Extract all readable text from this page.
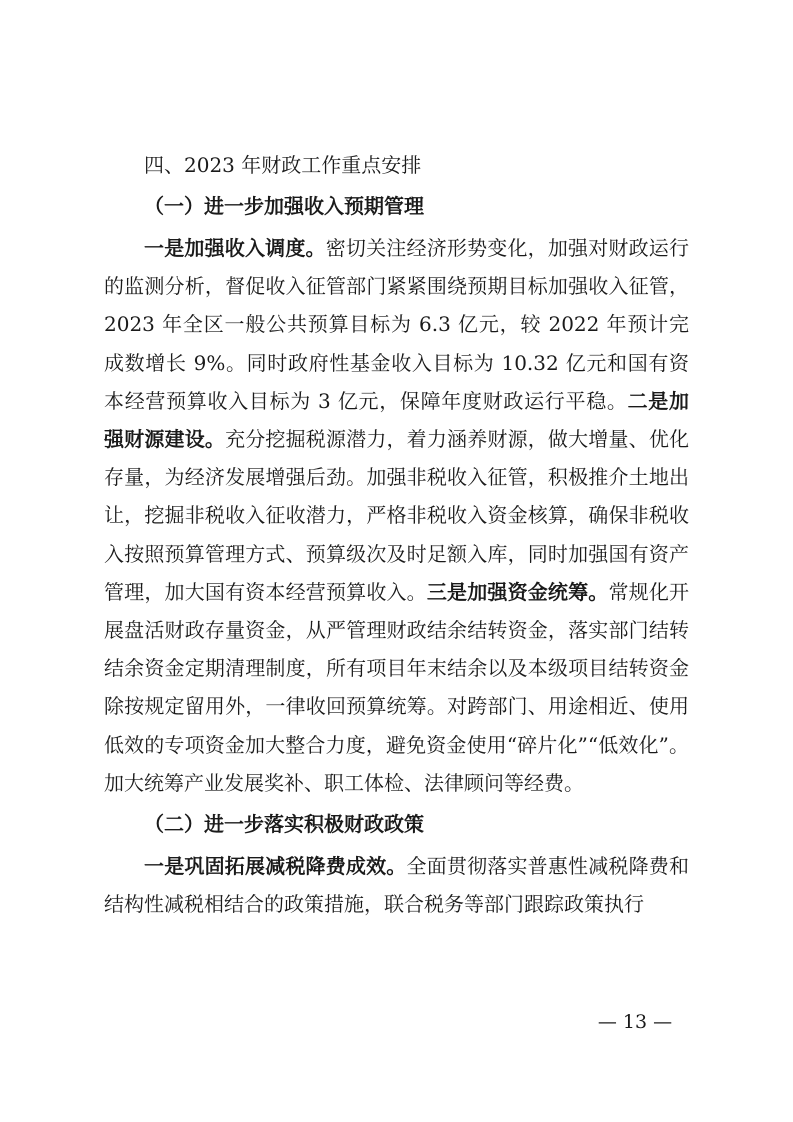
四、2023 年财政工作重点安排

（一）进一步加强收入预期管理

一是加强收入调度。密切关注经济形势变化，加强对财政运行的监测分析，督促收入征管部门紧紧围绕预期目标加强收入征管，2023 年全区一般公共预算目标为 6.3 亿元，较 2022 年预计完成数增长 9%。同时政府性基金收入目标为 10.32 亿元和国有资本经营预算收入目标为 3 亿元，保障年度财政运行平稳。二是加强财源建设。充分挖掘税源潜力，着力涵养财源，做大增量、优化存量，为经济发展增强后劲。加强非税收入征管，积极推介土地出让，挖掘非税收入征收潜力，严格非税收入资金核算，确保非税收入按照预算管理方式、预算级次及时足额入库，同时加强国有资产管理，加大国有资本经营预算收入。三是加强资金统筹。常规化开展盘活财政存量资金，从严管理财政结余结转资金，落实部门结转结余资金定期清理制度，所有项目年末结余以及本级项目结转资金除按规定留用外，一律收回预算统筹。对跨部门、用途相近、使用低效的专项资金加大整合力度，避免资金使用“碎片化”“低效化”。加大统筹产业发展奖补、职工体检、法律顾问等经费。

（二）进一步落实积极财政政策

一是巩固拓展减税降费成效。全面贯彻落实普惠性减税降费和结构性减税相结合的政策措施，联合税务等部门跟踪政策执行

— 13 —
